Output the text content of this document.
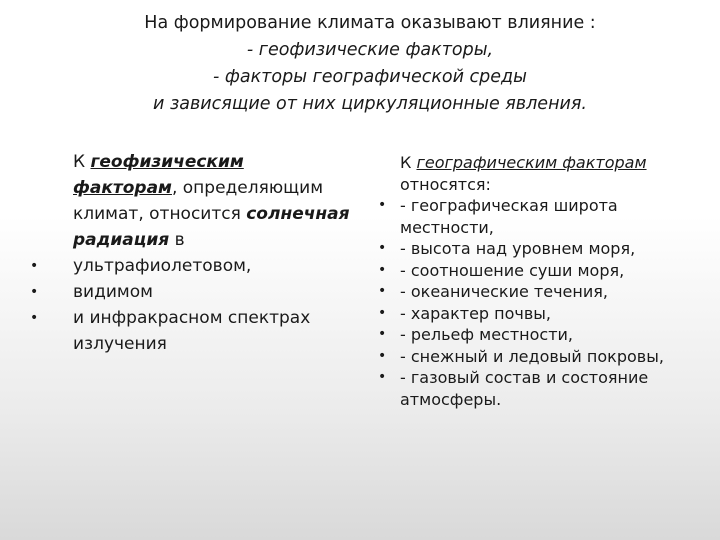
На формирование климата оказывают влияние :
- геофизические факторы,
- факторы географической среды
и зависящие от них циркуляционные явления.
К геофизическим факторам, определяющим климат, относится солнечная радиация в
•	ультрафиолетовом,
•	видимом
•	и инфракрасном спектрах излучения
К географическим факторам относятся:
• - географическая широта местности,
• - высота над уровнем моря,
• - соотношение суши моря,
• - океанические течения,
• - характер почвы,
• - рельеф местности,
• - снежный и ледовый покровы,
• - газовый состав и состояние атмосферы.
